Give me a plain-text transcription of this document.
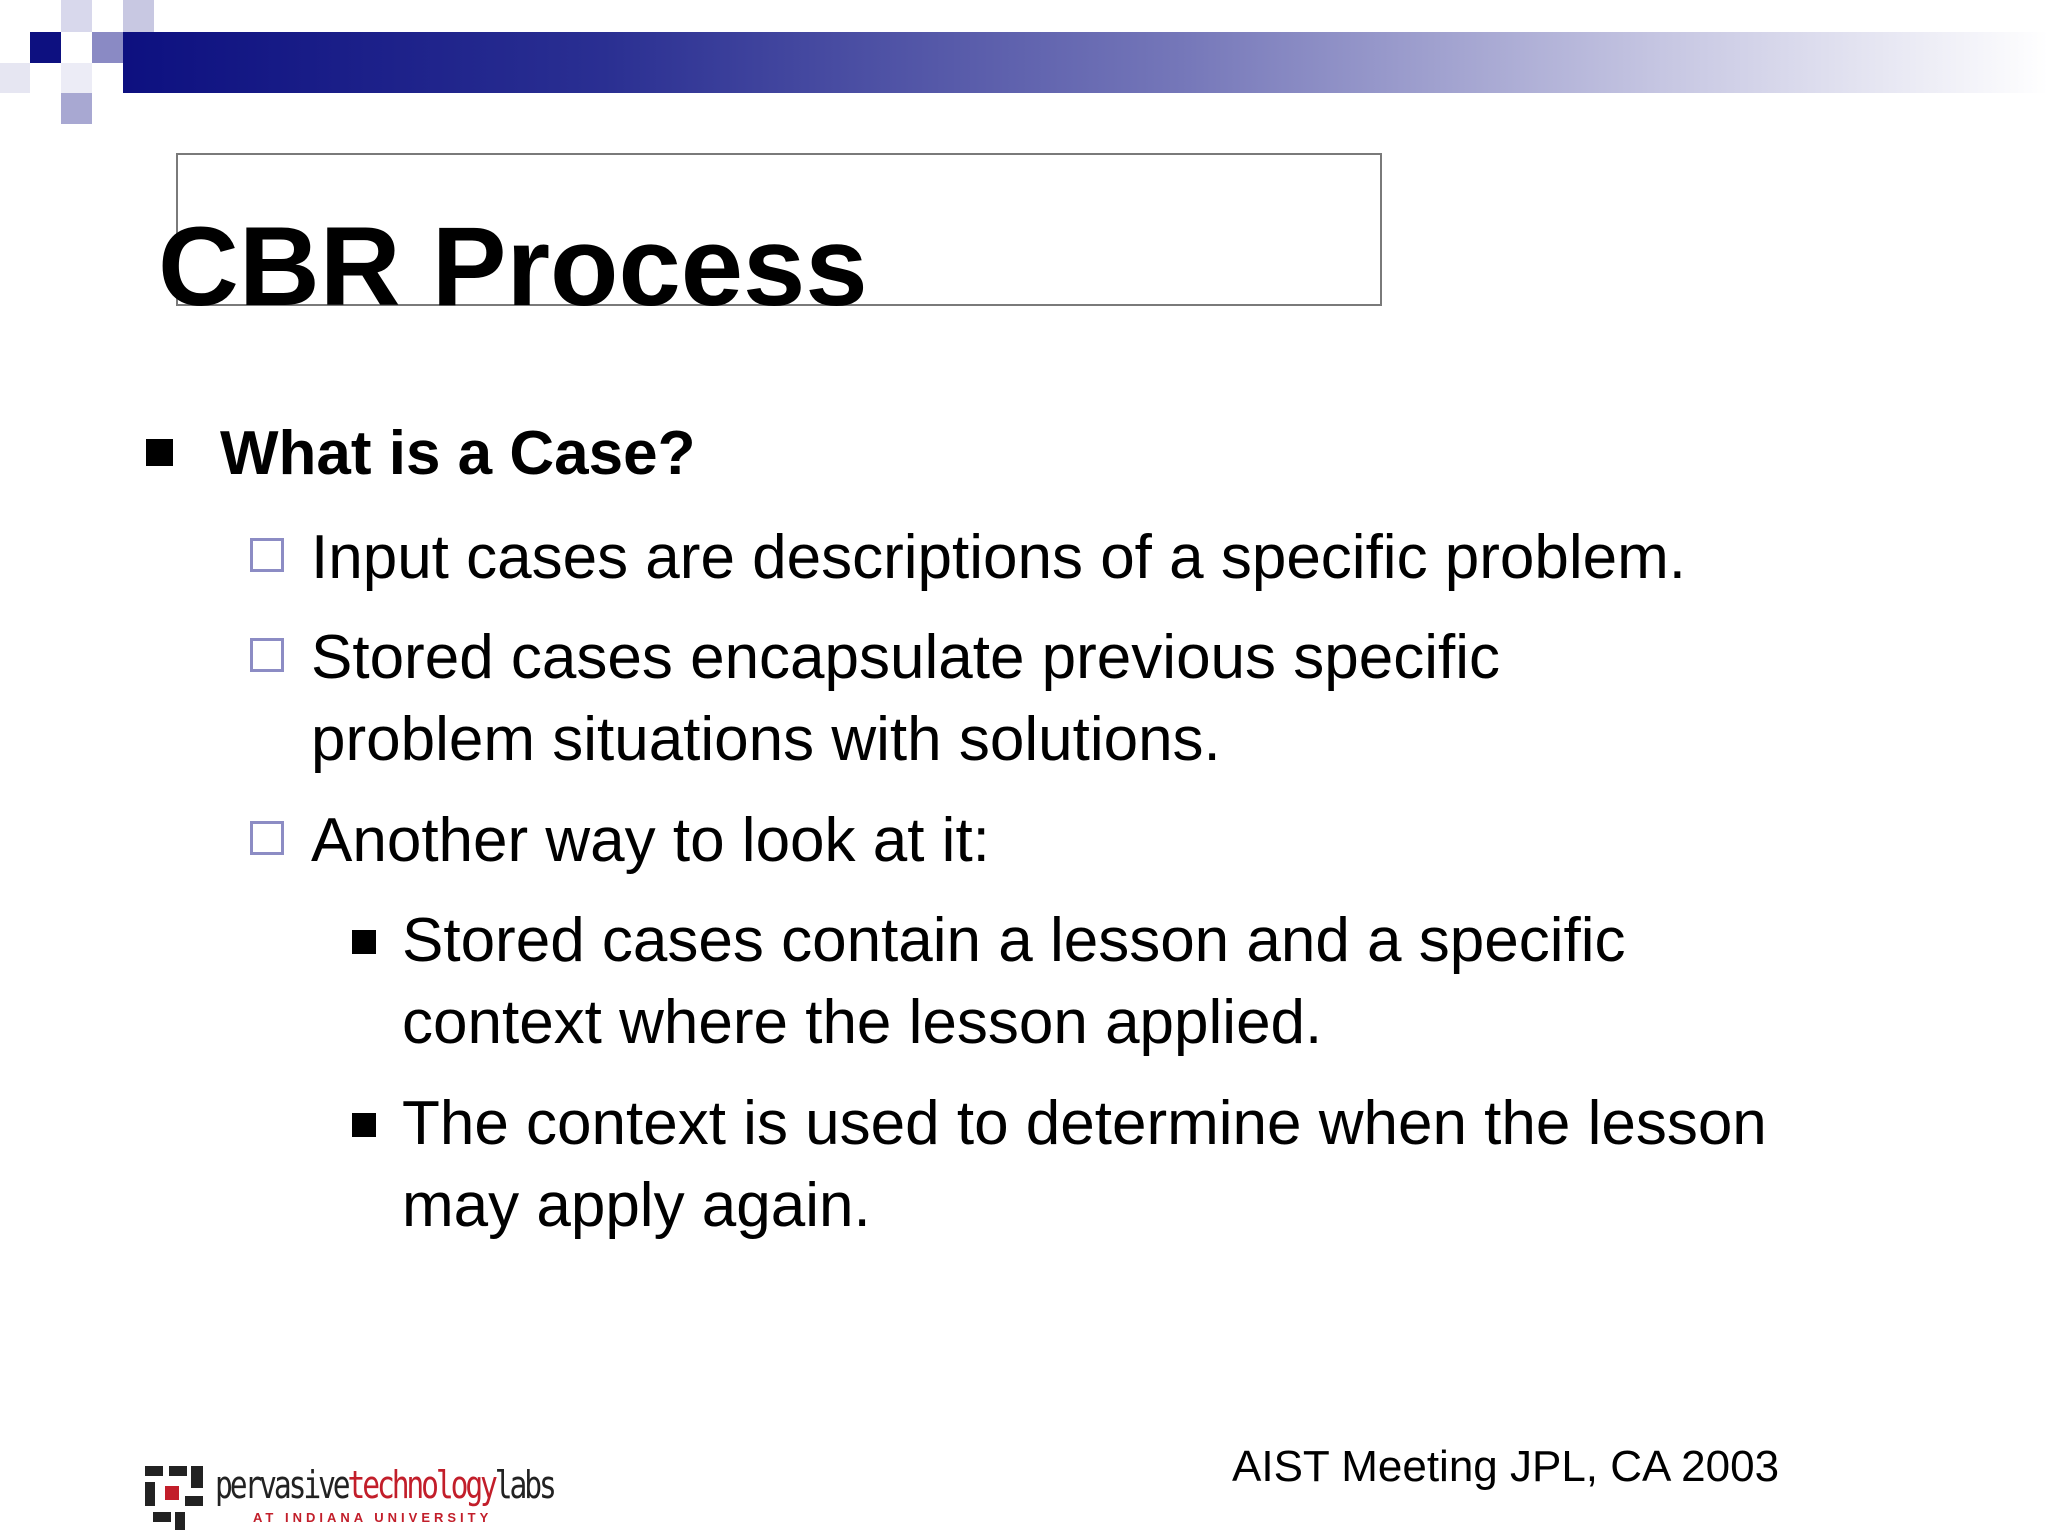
CBR Process
What is a Case?
Input cases are descriptions of a specific problem.
Stored cases encapsulate previous specific problem situations with solutions.
Another way to look at it:
Stored cases contain a lesson and a specific context where the lesson applied.
The context is used to determine when the lesson may apply again.
AIST Meeting JPL, CA 2003
pervasivetechnologylabs
AT INDIANA UNIVERSITY
